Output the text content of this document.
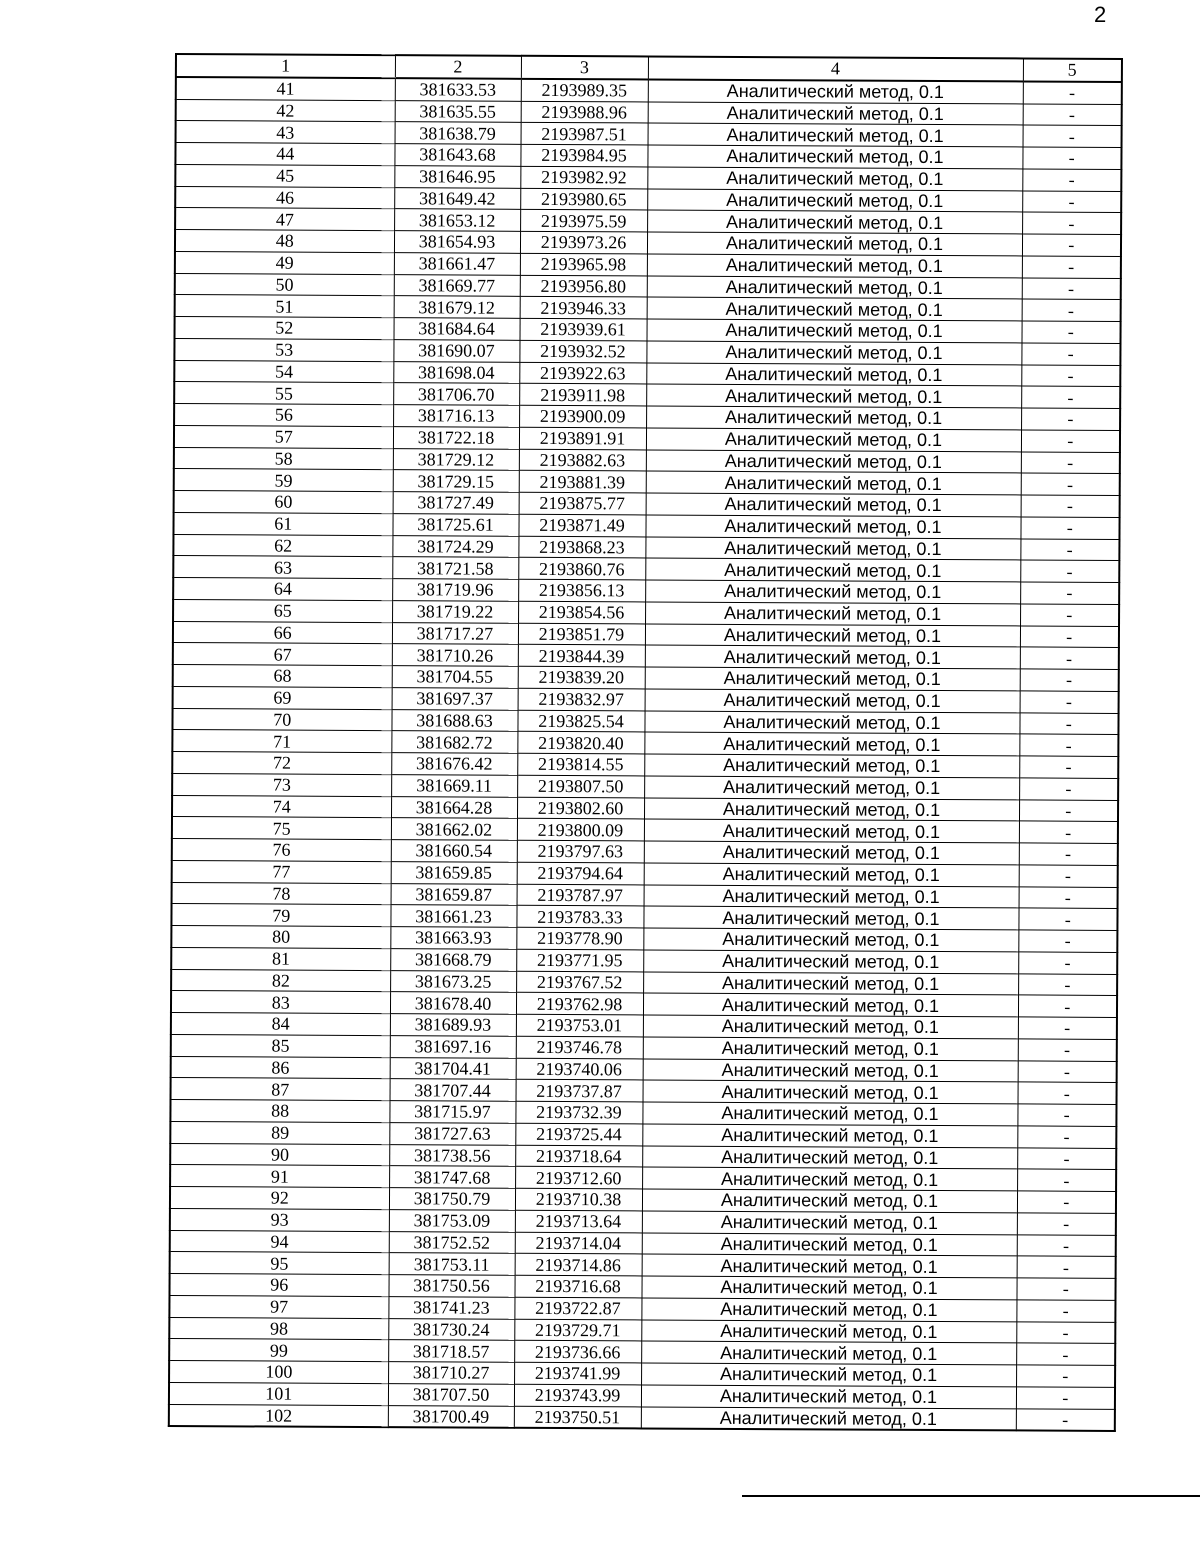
2
1	2	3	4	5
41	381633.53	2193989.35	Аналитический метод, 0.1	-
42	381635.55	2193988.96	Аналитический метод, 0.1	-
43	381638.79	2193987.51	Аналитический метод, 0.1	-
44	381643.68	2193984.95	Аналитический метод, 0.1	-
45	381646.95	2193982.92	Аналитический метод, 0.1	-
46	381649.42	2193980.65	Аналитический метод, 0.1	-
47	381653.12	2193975.59	Аналитический метод, 0.1	-
48	381654.93	2193973.26	Аналитический метод, 0.1	-
49	381661.47	2193965.98	Аналитический метод, 0.1	-
50	381669.77	2193956.80	Аналитический метод, 0.1	-
51	381679.12	2193946.33	Аналитический метод, 0.1	-
52	381684.64	2193939.61	Аналитический метод, 0.1	-
53	381690.07	2193932.52	Аналитический метод, 0.1	-
54	381698.04	2193922.63	Аналитический метод, 0.1	-
55	381706.70	2193911.98	Аналитический метод, 0.1	-
56	381716.13	2193900.09	Аналитический метод, 0.1	-
57	381722.18	2193891.91	Аналитический метод, 0.1	-
58	381729.12	2193882.63	Аналитический метод, 0.1	-
59	381729.15	2193881.39	Аналитический метод, 0.1	-
60	381727.49	2193875.77	Аналитический метод, 0.1	-
61	381725.61	2193871.49	Аналитический метод, 0.1	-
62	381724.29	2193868.23	Аналитический метод, 0.1	-
63	381721.58	2193860.76	Аналитический метод, 0.1	-
64	381719.96	2193856.13	Аналитический метод, 0.1	-
65	381719.22	2193854.56	Аналитический метод, 0.1	-
66	381717.27	2193851.79	Аналитический метод, 0.1	-
67	381710.26	2193844.39	Аналитический метод, 0.1	-
68	381704.55	2193839.20	Аналитический метод, 0.1	-
69	381697.37	2193832.97	Аналитический метод, 0.1	-
70	381688.63	2193825.54	Аналитический метод, 0.1	-
71	381682.72	2193820.40	Аналитический метод, 0.1	-
72	381676.42	2193814.55	Аналитический метод, 0.1	-
73	381669.11	2193807.50	Аналитический метод, 0.1	-
74	381664.28	2193802.60	Аналитический метод, 0.1	-
75	381662.02	2193800.09	Аналитический метод, 0.1	-
76	381660.54	2193797.63	Аналитический метод, 0.1	-
77	381659.85	2193794.64	Аналитический метод, 0.1	-
78	381659.87	2193787.97	Аналитический метод, 0.1	-
79	381661.23	2193783.33	Аналитический метод, 0.1	-
80	381663.93	2193778.90	Аналитический метод, 0.1	-
81	381668.79	2193771.95	Аналитический метод, 0.1	-
82	381673.25	2193767.52	Аналитический метод, 0.1	-
83	381678.40	2193762.98	Аналитический метод, 0.1	-
84	381689.93	2193753.01	Аналитический метод, 0.1	-
85	381697.16	2193746.78	Аналитический метод, 0.1	-
86	381704.41	2193740.06	Аналитический метод, 0.1	-
87	381707.44	2193737.87	Аналитический метод, 0.1	-
88	381715.97	2193732.39	Аналитический метод, 0.1	-
89	381727.63	2193725.44	Аналитический метод, 0.1	-
90	381738.56	2193718.64	Аналитический метод, 0.1	-
91	381747.68	2193712.60	Аналитический метод, 0.1	-
92	381750.79	2193710.38	Аналитический метод, 0.1	-
93	381753.09	2193713.64	Аналитический метод, 0.1	-
94	381752.52	2193714.04	Аналитический метод, 0.1	-
95	381753.11	2193714.86	Аналитический метод, 0.1	-
96	381750.56	2193716.68	Аналитический метод, 0.1	-
97	381741.23	2193722.87	Аналитический метод, 0.1	-
98	381730.24	2193729.71	Аналитический метод, 0.1	-
99	381718.57	2193736.66	Аналитический метод, 0.1	-
100	381710.27	2193741.99	Аналитический метод, 0.1	-
101	381707.50	2193743.99	Аналитический метод, 0.1	-
102	381700.49	2193750.51	Аналитический метод, 0.1	-
